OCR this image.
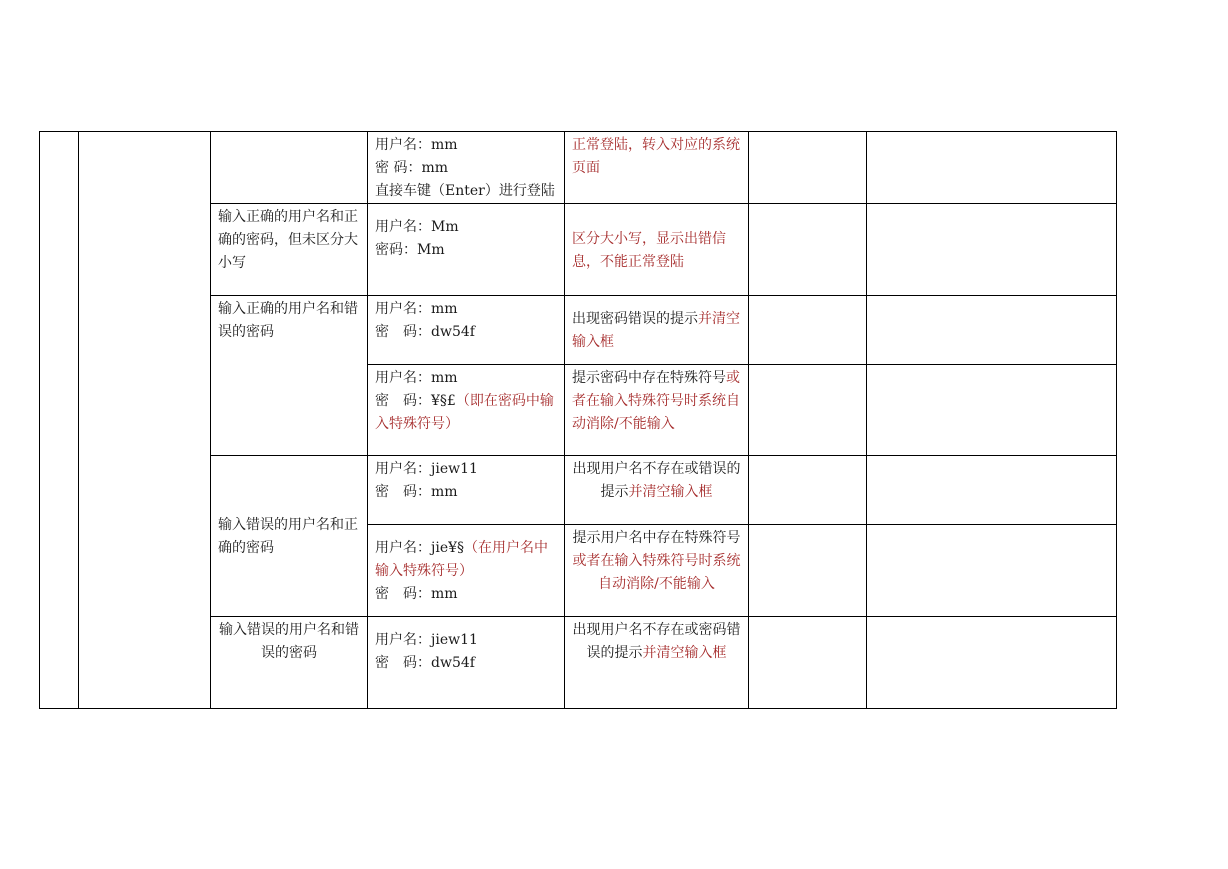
			用户名：mm
密 码：mm
直接车键（Enter）进行登陆	正常登陆，转入对应的系统页面		
		输入正确的用户名和正确的密码，但未区分大小写	用户名：Mm
密码：Mm	区分大小写，显示出错信息，不能正常登陆		
		输入正确的用户名和错误的密码	用户名：mm
密　码：dw54f	出现密码错误的提示并清空输入框		

			用户名：mm
密　码：¥§£（即在密码中输入特殊符号）	提示密码中存在特殊符号或者在输入特殊符号时系统自动消除/不能输入		
		输入错误的用户名和正确的密码	用户名：jiew11
密　码：mm	出现用户名不存在或错误的提示并清空输入框		
			用户名：jie¥§（在用户名中输入特殊符号）
密　码：mm	提示用户名中存在特殊符号或者在输入特殊符号时系统自动消除/不能输入		
		输入错误的用户名和错误的密码	用户名：jiew11
密　码：dw54f	出现用户名不存在或密码错误的提示并清空输入框		
